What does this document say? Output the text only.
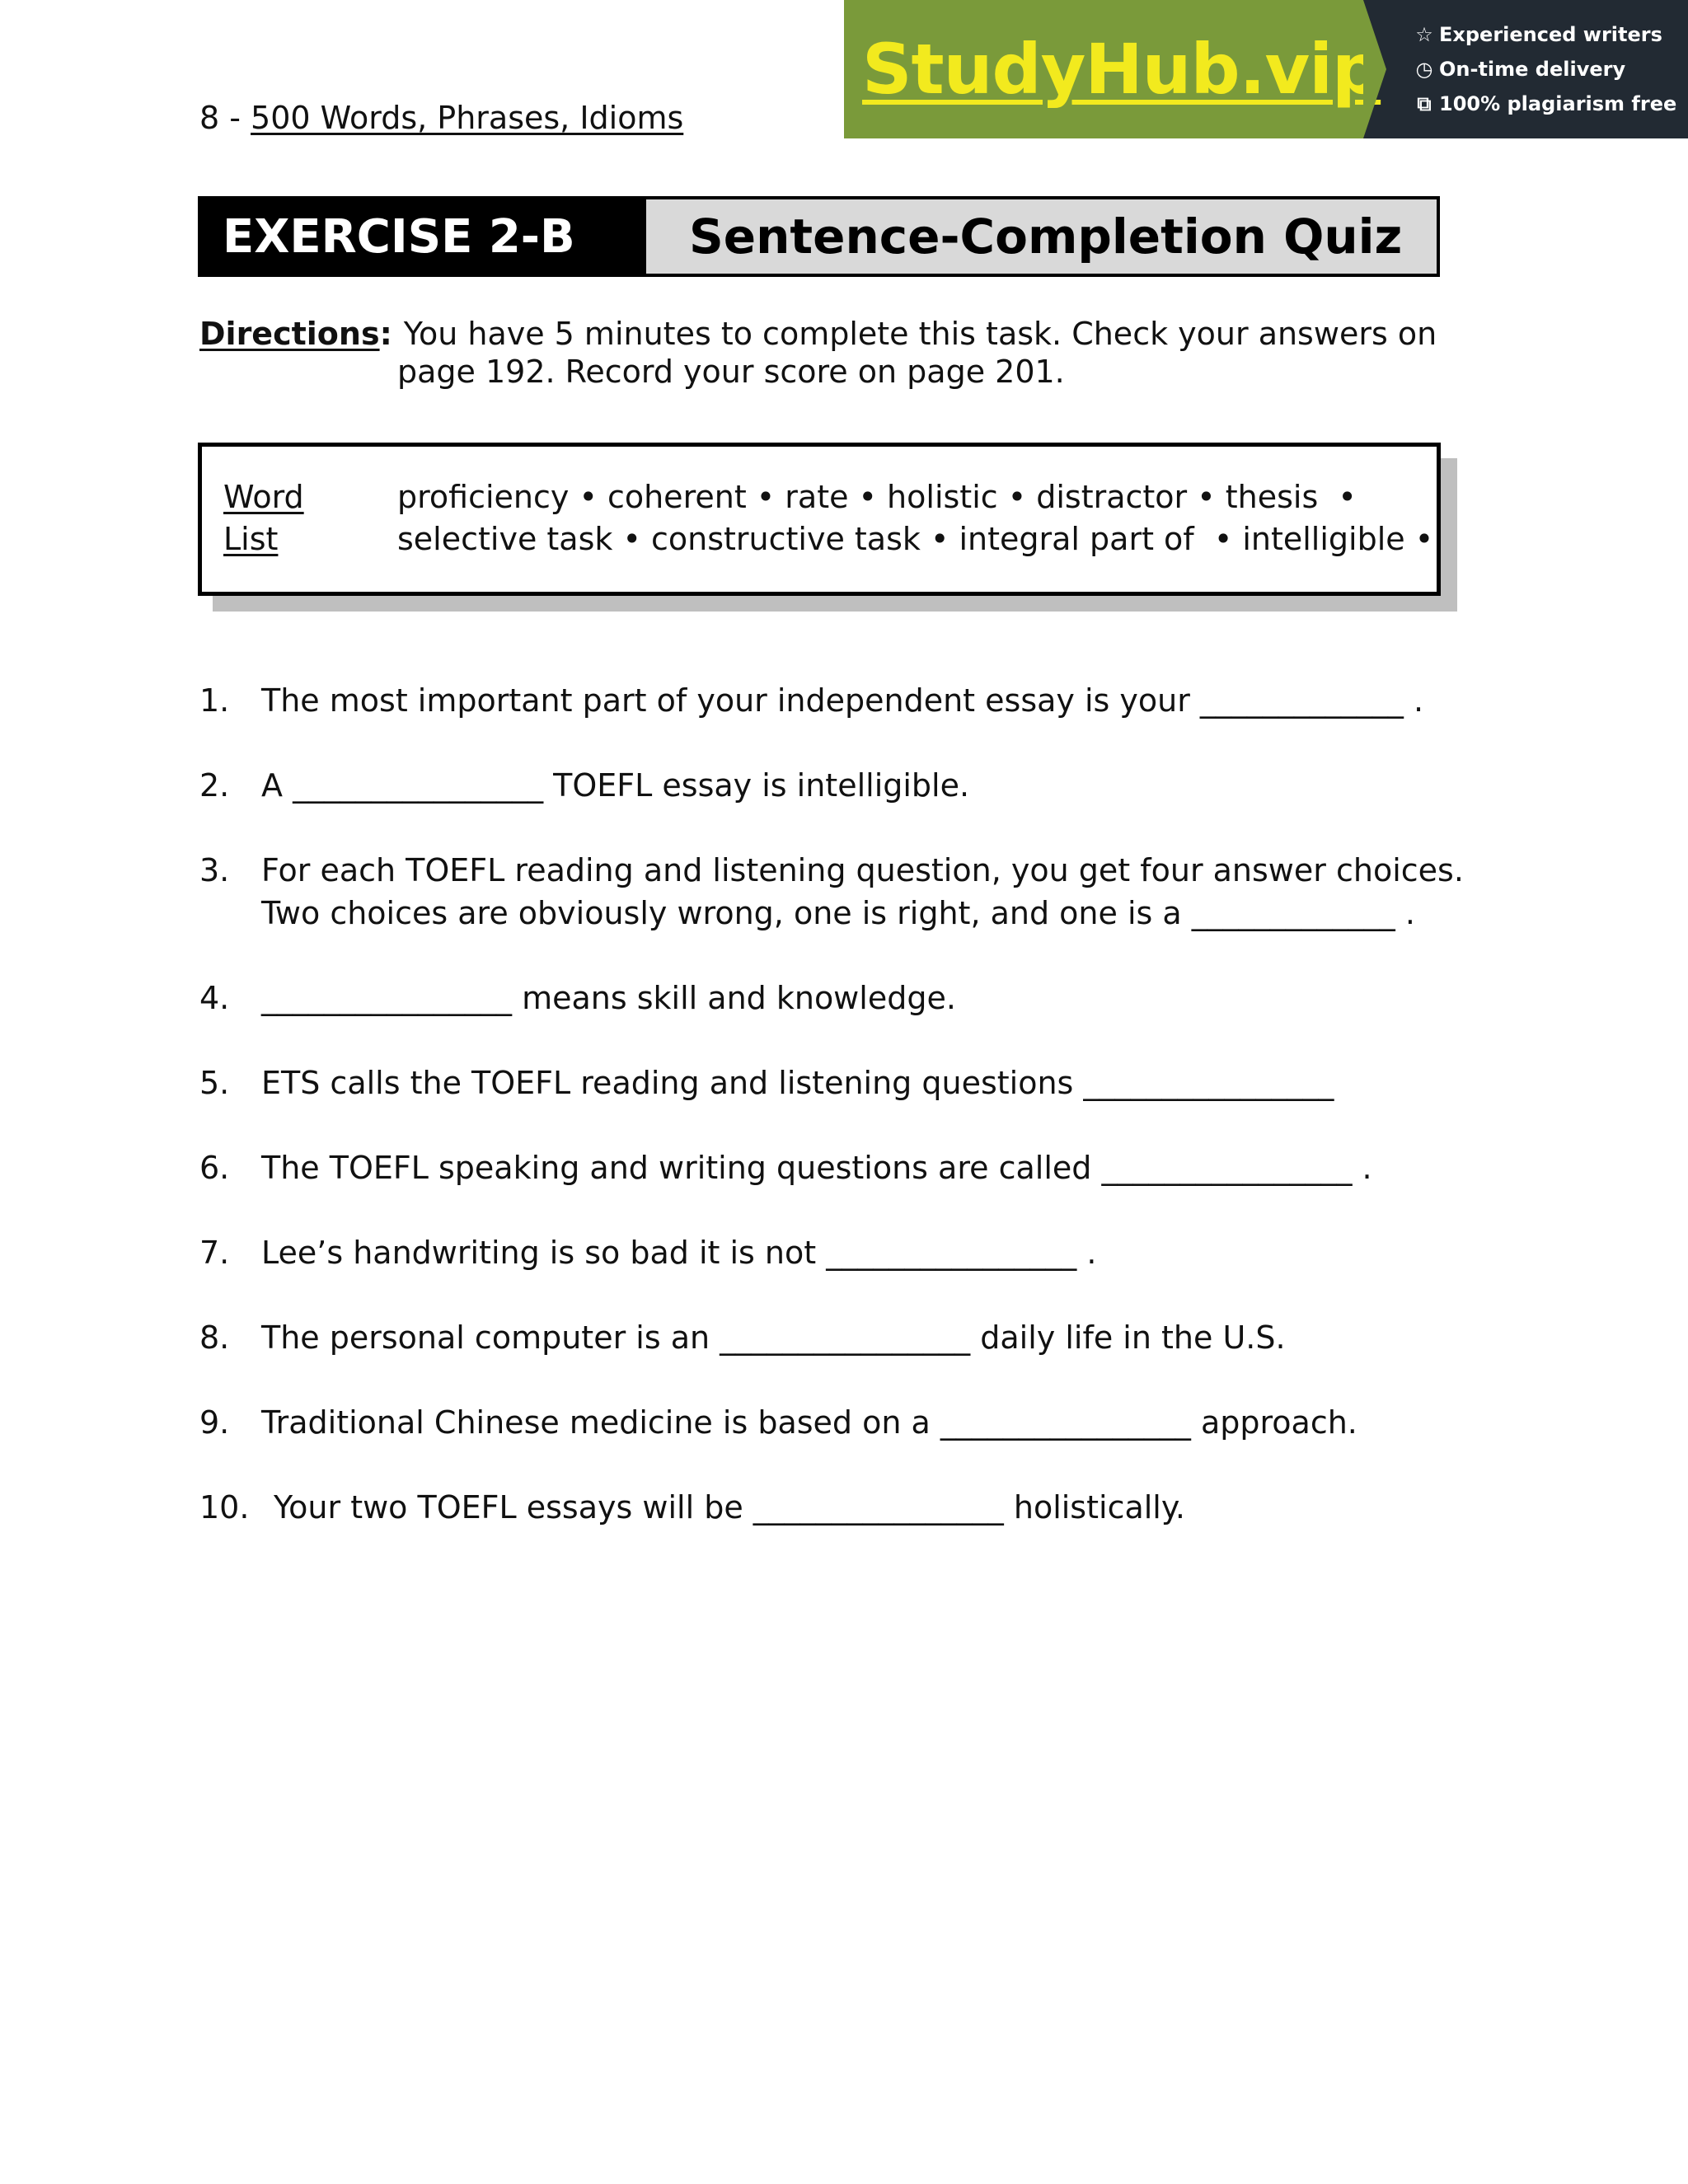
StudyHub.vip ☆ Experienced writers
◷ On-time delivery
⧉ 100% plagiarism free
8 - 500 Words, Phrases, Idioms
EXERCISE 2-B	Sentence-Completion Quiz
Directions : You have 5 minutes to complete this task. Check your answers on
page 192. Record your score on page 201.
Word	proficiency • coherent • rate • holistic • distractor • thesis  •
List	selective task • constructive task • integral part of  • intelligible •
1.	The most important part of your independent essay is your _____________ .
2.	A ________________ TOEFL essay is intelligible.
3.	For each TOEFL reading and listening question, you get four answer choices.
Two choices are obviously wrong, one is right, and one is a _____________ .
4.	________________ means skill and knowledge.
5.	ETS calls the TOEFL reading and listening questions ________________
6.	The TOEFL speaking and writing questions are called ________________ .
7.	Lee’s handwriting is so bad it is not ________________ .
8.	The personal computer is an ________________ daily life in the U.S.
9.	Traditional Chinese medicine is based on a ________________ approach.
10. Your two TOEFL essays will be ________________ holistically.
